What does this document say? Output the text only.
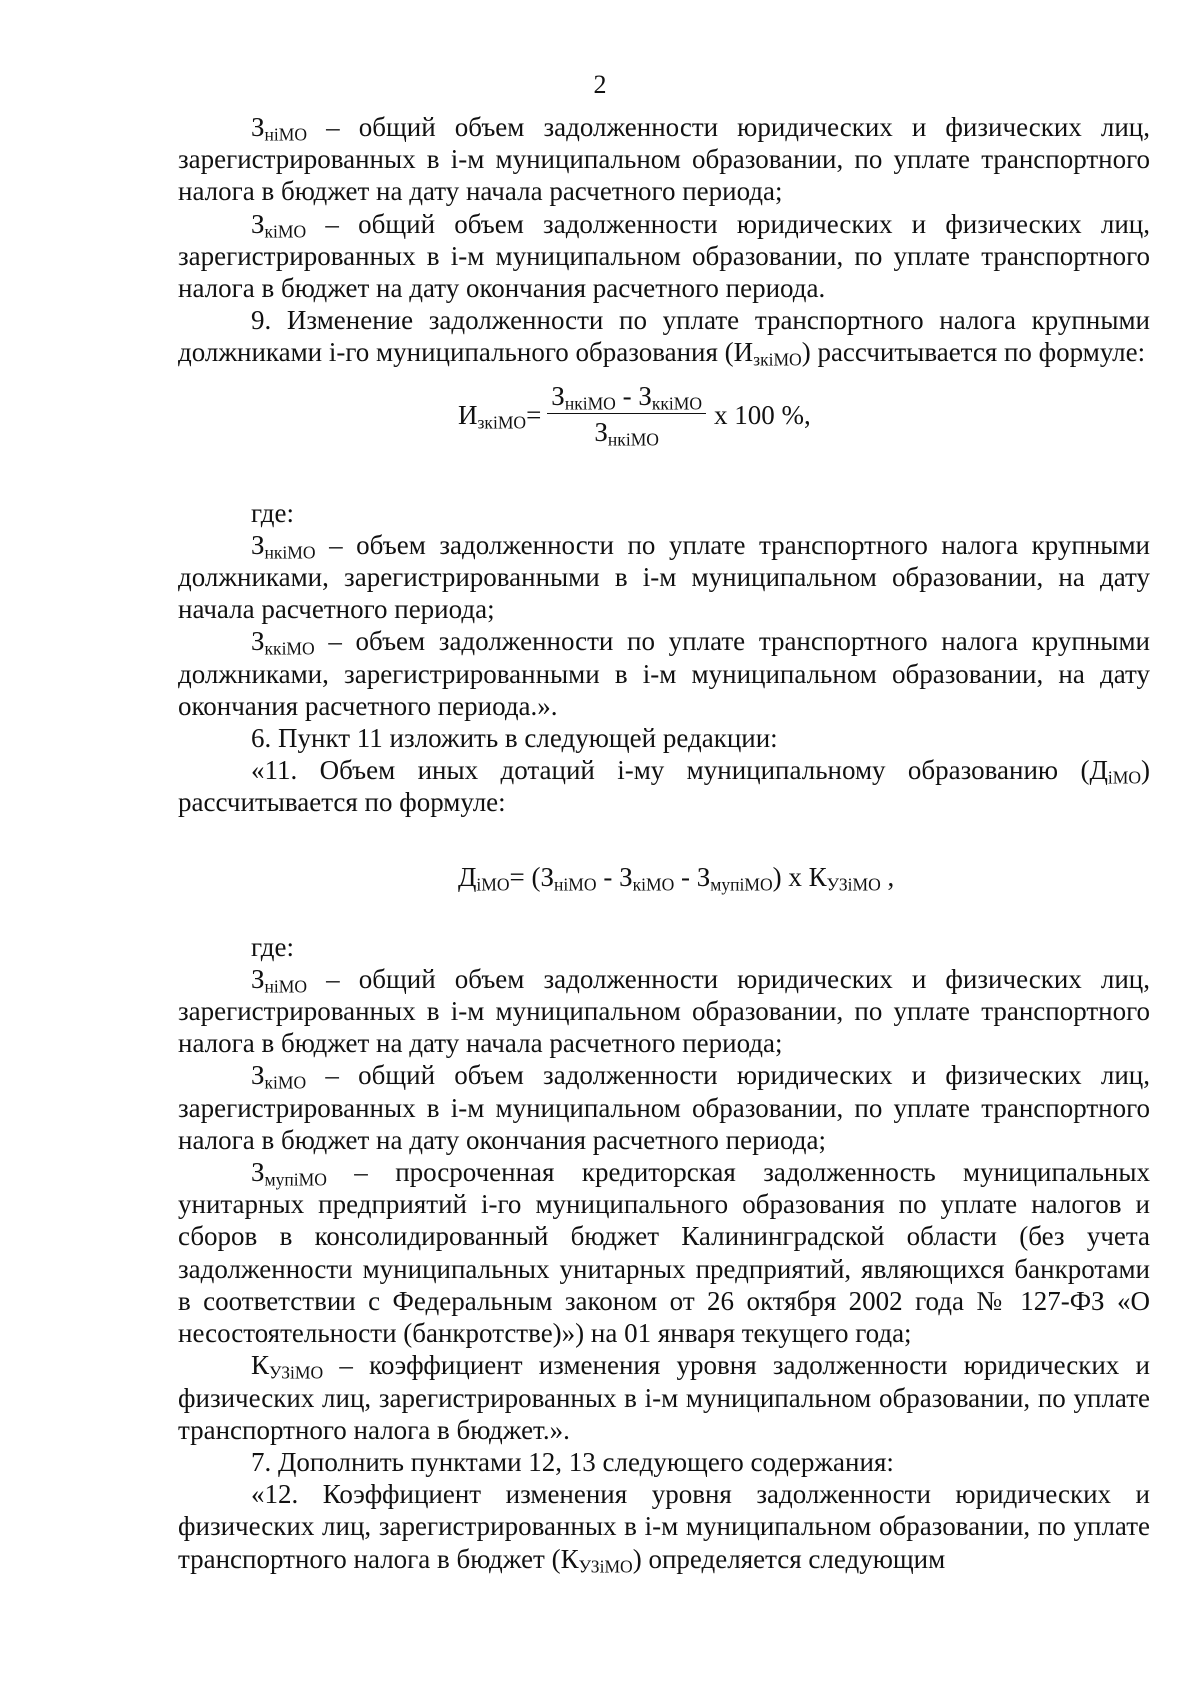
2

$З_{нiМО}$ – общий объем задолженности юридических и физических лиц, зарегистрированных в i-м муниципальном образовании, по уплате транспортного налога в бюджет на дату начала расчетного периода;

$З_{кiМО}$ – общий объем задолженности юридических и физических лиц, зарегистрированных в i-м муниципальном образовании, по уплате транспортного налога в бюджет на дату окончания расчетного периода.

9. Изменение задолженности по уплате транспортного налога крупными должниками i-го муниципального образования $(И_{зкiМО})$ рассчитывается по формуле:

$И_{зкiМО} = \frac{З_{нкiМО} - З_{ккiМО}}{З_{нкiМО}}$ х 100 %,

где:

$З_{нкiМО}$ – объем задолженности по уплате транспортного налога крупными должниками, зарегистрированными в i-м муниципальном образовании, на дату начала расчетного периода;

$З_{ккiМО}$ – объем задолженности по уплате транспортного налога крупными должниками, зарегистрированными в i-м муниципальном образовании, на дату окончания расчетного периода.».

6. Пункт 11 изложить в следующей редакции:

«11. Объем иных дотаций i-му муниципальному образованию $(Д_{iМО})$ рассчитывается по формуле:

$Д_{iМО}= (З_{нiМО} - З_{кiМО} - З_{мупiМО})$ х $К_{УЗiМО}$ ,

где:

$З_{нiМО}$ – общий объем задолженности юридических и физических лиц, зарегистрированных в i-м муниципальном образовании, по уплате транспортного налога в бюджет на дату начала расчетного периода;

$З_{кiМО}$ – общий объем задолженности юридических и физических лиц, зарегистрированных в i-м муниципальном образовании, по уплате транспортного налога в бюджет на дату окончания расчетного периода;

$З_{мупiМО}$ – просроченная кредиторская задолженность муниципальных унитарных предприятий i-го муниципального образования по уплате налогов и сборов в консолидированный бюджет Калининградской области (без учета задолженности муниципальных унитарных предприятий, являющихся банкротами в соответствии с Федеральным законом от 26 октября 2002 года № 127-ФЗ «О несостоятельности (банкротстве)») на 01 января текущего года;

$К_{УЗiМО}$ – коэффициент изменения уровня задолженности юридических и физических лиц, зарегистрированных в i-м муниципальном образовании, по уплате транспортного налога в бюджет.».

7. Дополнить пунктами 12, 13 следующего содержания:

«12. Коэффициент изменения уровня задолженности юридических и физических лиц, зарегистрированных в i-м муниципальном образовании, по уплате транспортного налога в бюджет $(К_{УЗiМО})$ определяется следующим
